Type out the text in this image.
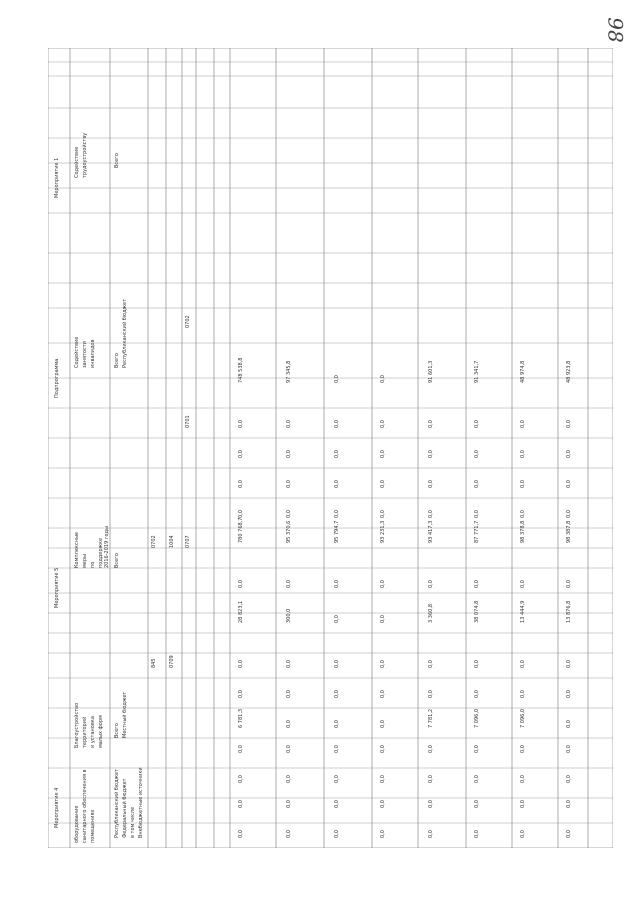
98
Мероприятие 4
Мероприятие 5
Подпрограмма
Мероприятие 1
оборудование санитарного обеспечения в помещениях
Благоустройство территорий и установка малых форм
Комплексные меры по поддержке 2016-2019 годы
Содействие занятости инвалидов
Содействие трудоустройству
Республиканский бюджет Федеральный бюджет в том числе Внебюджетные источники
Всего Местный бюджет
Всего
Всего Республиканский бюджет
Всего
845
0702
0709
1004 0707
0701
0702
0,0
0,0
0,0
0,0
6 781,3
0,0
0,0
28 823,1
0,0
780 768,7
0,0
0,0
0,0
0,0
748 538,8
0,0
0,0
0,0
0,0
0,0
0,0
0,0
300,0
0,0
95 370,6
0,0
0,0
0,0
0,0
97 345,8
0,0
0,0
0,0
0,0
0,0
0,0
0,0
0,0
0,0
95 794,7
0,0
0,0
0,0
0,0
0,0
0,0
0,0
0,0
0,0
0,0
0,0
0,0
0,0
0,0
93 231,3
0,0
0,0
0,0
0,0
0,0
0,0
0,0
0,0
0,0
7 781,2
0,0
0,0
3 360,8
0,0
93 417,3
0,0
0,0
0,0
0,0
91 601,3
0,0
0,0
0,0
0,0
7 096,0
0,0
0,0
38 074,8
0,0
87 771,7
0,0
0,0
0,0
0,0
91 341,7
0,0
0,0
0,0
0,0
7 096,0
0,0
0,0
13 444,9
0,0
98 378,8
0,0
0,0
0,0
0,0
48 974,8
0,0
0,0
0,0
0,0
0,0
0,0
0,0
13 876,8
0,0
98 387,8
0,0
0,0
0,0
0,0
48 923,8
